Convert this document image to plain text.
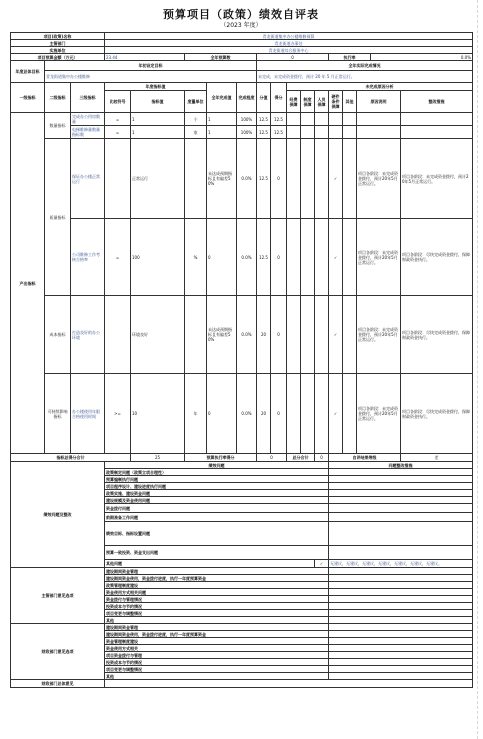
预算项目（政策）绩效自评表
（2023 年度）
项目(政策)名称			青龙街道集中办公楼维修预算														
主管部门			青龙街道办事处														
实施单位			青龙街道综合服务中心														
项目预算金额（万元）			23.44		全年预算数			0					执行率			0.0%	
年度总体目标	年初设定目标							全年实际完成情况									
	青龙街道集中办公楼维修							未完成，未完成资金拨付，预计 20 年 5 月正常运行。									
一级指标	二级指标	三级指标	年度指标值			全年完成值	完成程度	分值	得分	未完成原因分析							
			比较符号	指标值	度量单位					经费保障	制度保障	人员保障	硬件条件保障	其他	原因说明		整改措施
产出指标	数量指标	完成办公用房数量	=	1	个	1	100%	12.5	12.5								
		电梯维修量数量指标数	=	1	家	1	100%	12.5	12.5								
	质量指标	保证办公楼正常运行		正常运行		未达成预期指标且有偏差50%	0.0%	12.5	0				✓		项目各阶段：未完成资金拨付，预计20年5月正常运行。		项目各阶段：未完成资金拨付，预计20年5月正常运行。
		公司维修工作考核合格率	=	100	%	0	0.0%	12.5	0				✓		项目各阶段：未完成资金拨付，预计20年5月正常运行。		项目各阶段：尽快完成资金拨付，保障财政资金执行。
	成本指标	打造良好的办公环境		环境良好		未达成预期指标且有偏差50%	0.0%	20	0				✓		项目各阶段：未完成资金拨付，预计20年5月正常运行。		项目各阶段：尽快完成资金拨付，保障财政资金执行。
	可持续影响指标	办公楼使用年限合格使用时间	>=	10	年	0	0.0%	20	0				✓		项目各阶段：未完成资金拨付，预计20年5月正常运行。		项目各阶段：尽快完成资金拨付，保障财政资金执行。
指标总得分合计				25	预算执行率得分			0		总分合计		0	自评结果等级				差
绩效问题及整改			绩效问题										问题整改措施				
			政策制定问题（政策立项合理性）														
			预算编制执行问题														
			项目程序设计、建设进度执行问题														
			政策实施、建设资金问题														
			建设规模及资金使用问题														
			资金拨付问题														
			前期准备工作问题														
			绩效目标、指标设置问题														
			预算一致投资、资金支出问题														
			其他问题									✓	无建议，无建议，无建议，无建议，无建议，无建议，无建议。				
主管部门意见选项			建设期间资金管理														
			建设期间资金使用，资金拨付进度，执行一年度预算资金														
			政策管理制度建设														
			资金使用方式相关问题														
			资金拨付与管理情况														
			投资成本与节约情况														
			项目变更与调整情况														
			其他														
财政部门意见选项			建设期间资金管理														
			建设期间资金使用，资金拨付进度，执行一年度预算资金														
			资金管理制度建设														
			资金使用方式相关														
			项目资金拨付与管理														
			投资成本与节约情况														
			项目变更与调整情况														
			其他														
财政部门总体意见																	
